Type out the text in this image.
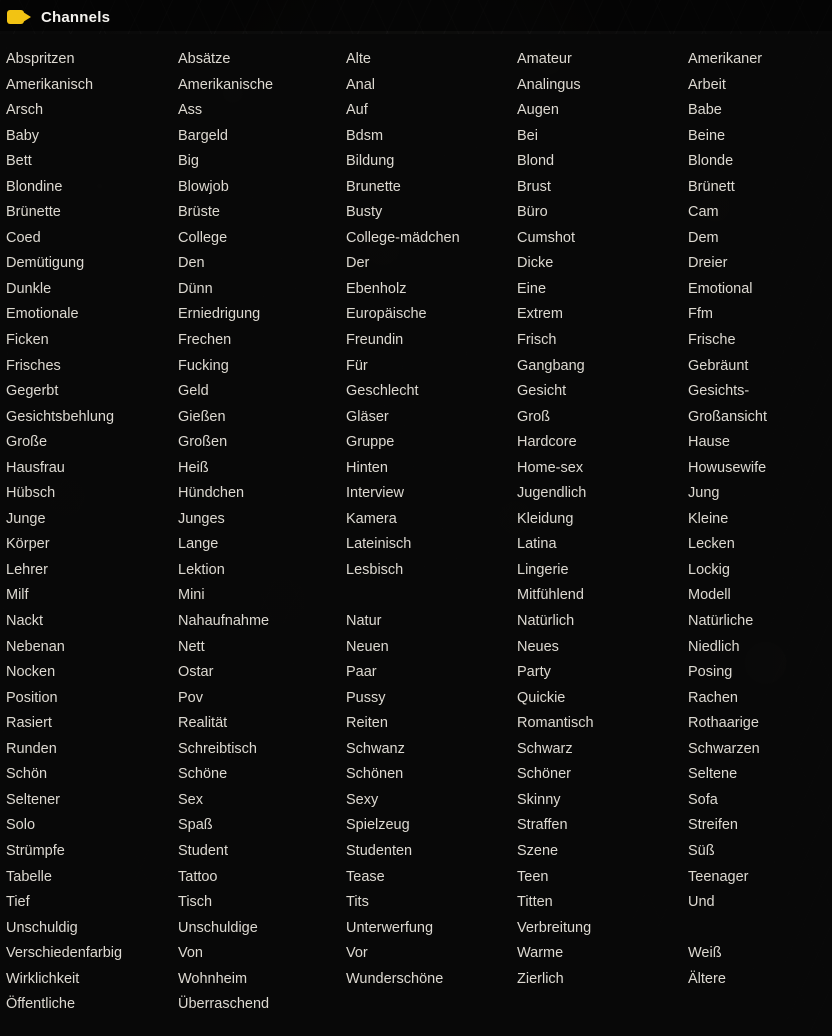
Channels
Abspritzen
Amerikanisch
Arsch
Baby
Bett
Blondine
Brünette
Coed
Demütigung
Dunkle
Emotionale
Ficken
Frisches
Gegerbt
Gesichtsbehlung
Große
Hausfrau
Hübsch
Junge
Körper
Lehrer
Milf
Nackt
Nebenan
Nocken
Position
Rasiert
Runden
Schön
Seltener
Solo
Strümpfe
Tabelle
Tief
Unschuldig
Verschiedenfarbig
Wirklichkeit
Öffentliche
Absätze
Amerikanische
Ass
Bargeld
Big
Blowjob
Brüste
College
Den
Dünn
Erniedrigung
Frechen
Fucking
Geld
Gießen
Großen
Heiß
Hündchen
Junges
Lange
Lektion
Mini
Nahaufnahme
Nett
Ostar
Pov
Realität
Schreibtisch
Schöne
Sex
Spaß
Student
Tattoo
Tisch
Unschuldige
Von
Wohnheim
Überraschend
Alte
Anal
Auf
Bdsm
Bildung
Brunette
Busty
College-mädchen
Der
Ebenholz
Europäische
Freundin
Für
Geschlecht
Gläser
Gruppe
Hinten
Interview
Kamera
Lateinisch
Lesbisch
Natur
Neuen
Paar
Pussy
Reiten
Schwanz
Schönen
Sexy
Spielzeug
Studenten
Tease
Tits
Unterwerfung
Vor
Wunderschöne
Amateur
Analingus
Augen
Bei
Blond
Brust
Büro
Cumshot
Dicke
Eine
Extrem
Frisch
Gangbang
Gesicht
Groß
Hardcore
Home-sex
Jugendlich
Kleidung
Latina
Lingerie
Mitfühlend
Natürlich
Neues
Party
Quickie
Romantisch
Schwarz
Schöner
Skinny
Straffen
Szene
Teen
Titten
Verbreitung
Warme
Zierlich
Amerikaner
Arbeit
Babe
Beine
Blonde
Brünett
Cam
Dem
Dreier
Emotional
Ffm
Frische
Gebräunt
Gesichts-
Großansicht
Hause
Howusewife
Jung
Kleine
Lecken
Lockig
Modell
Natürliche
Niedlich
Posing
Rachen
Rothaarige
Schwarzen
Seltene
Sofa
Streifen
Süß
Teenager
Und
Weiß
Ältere
